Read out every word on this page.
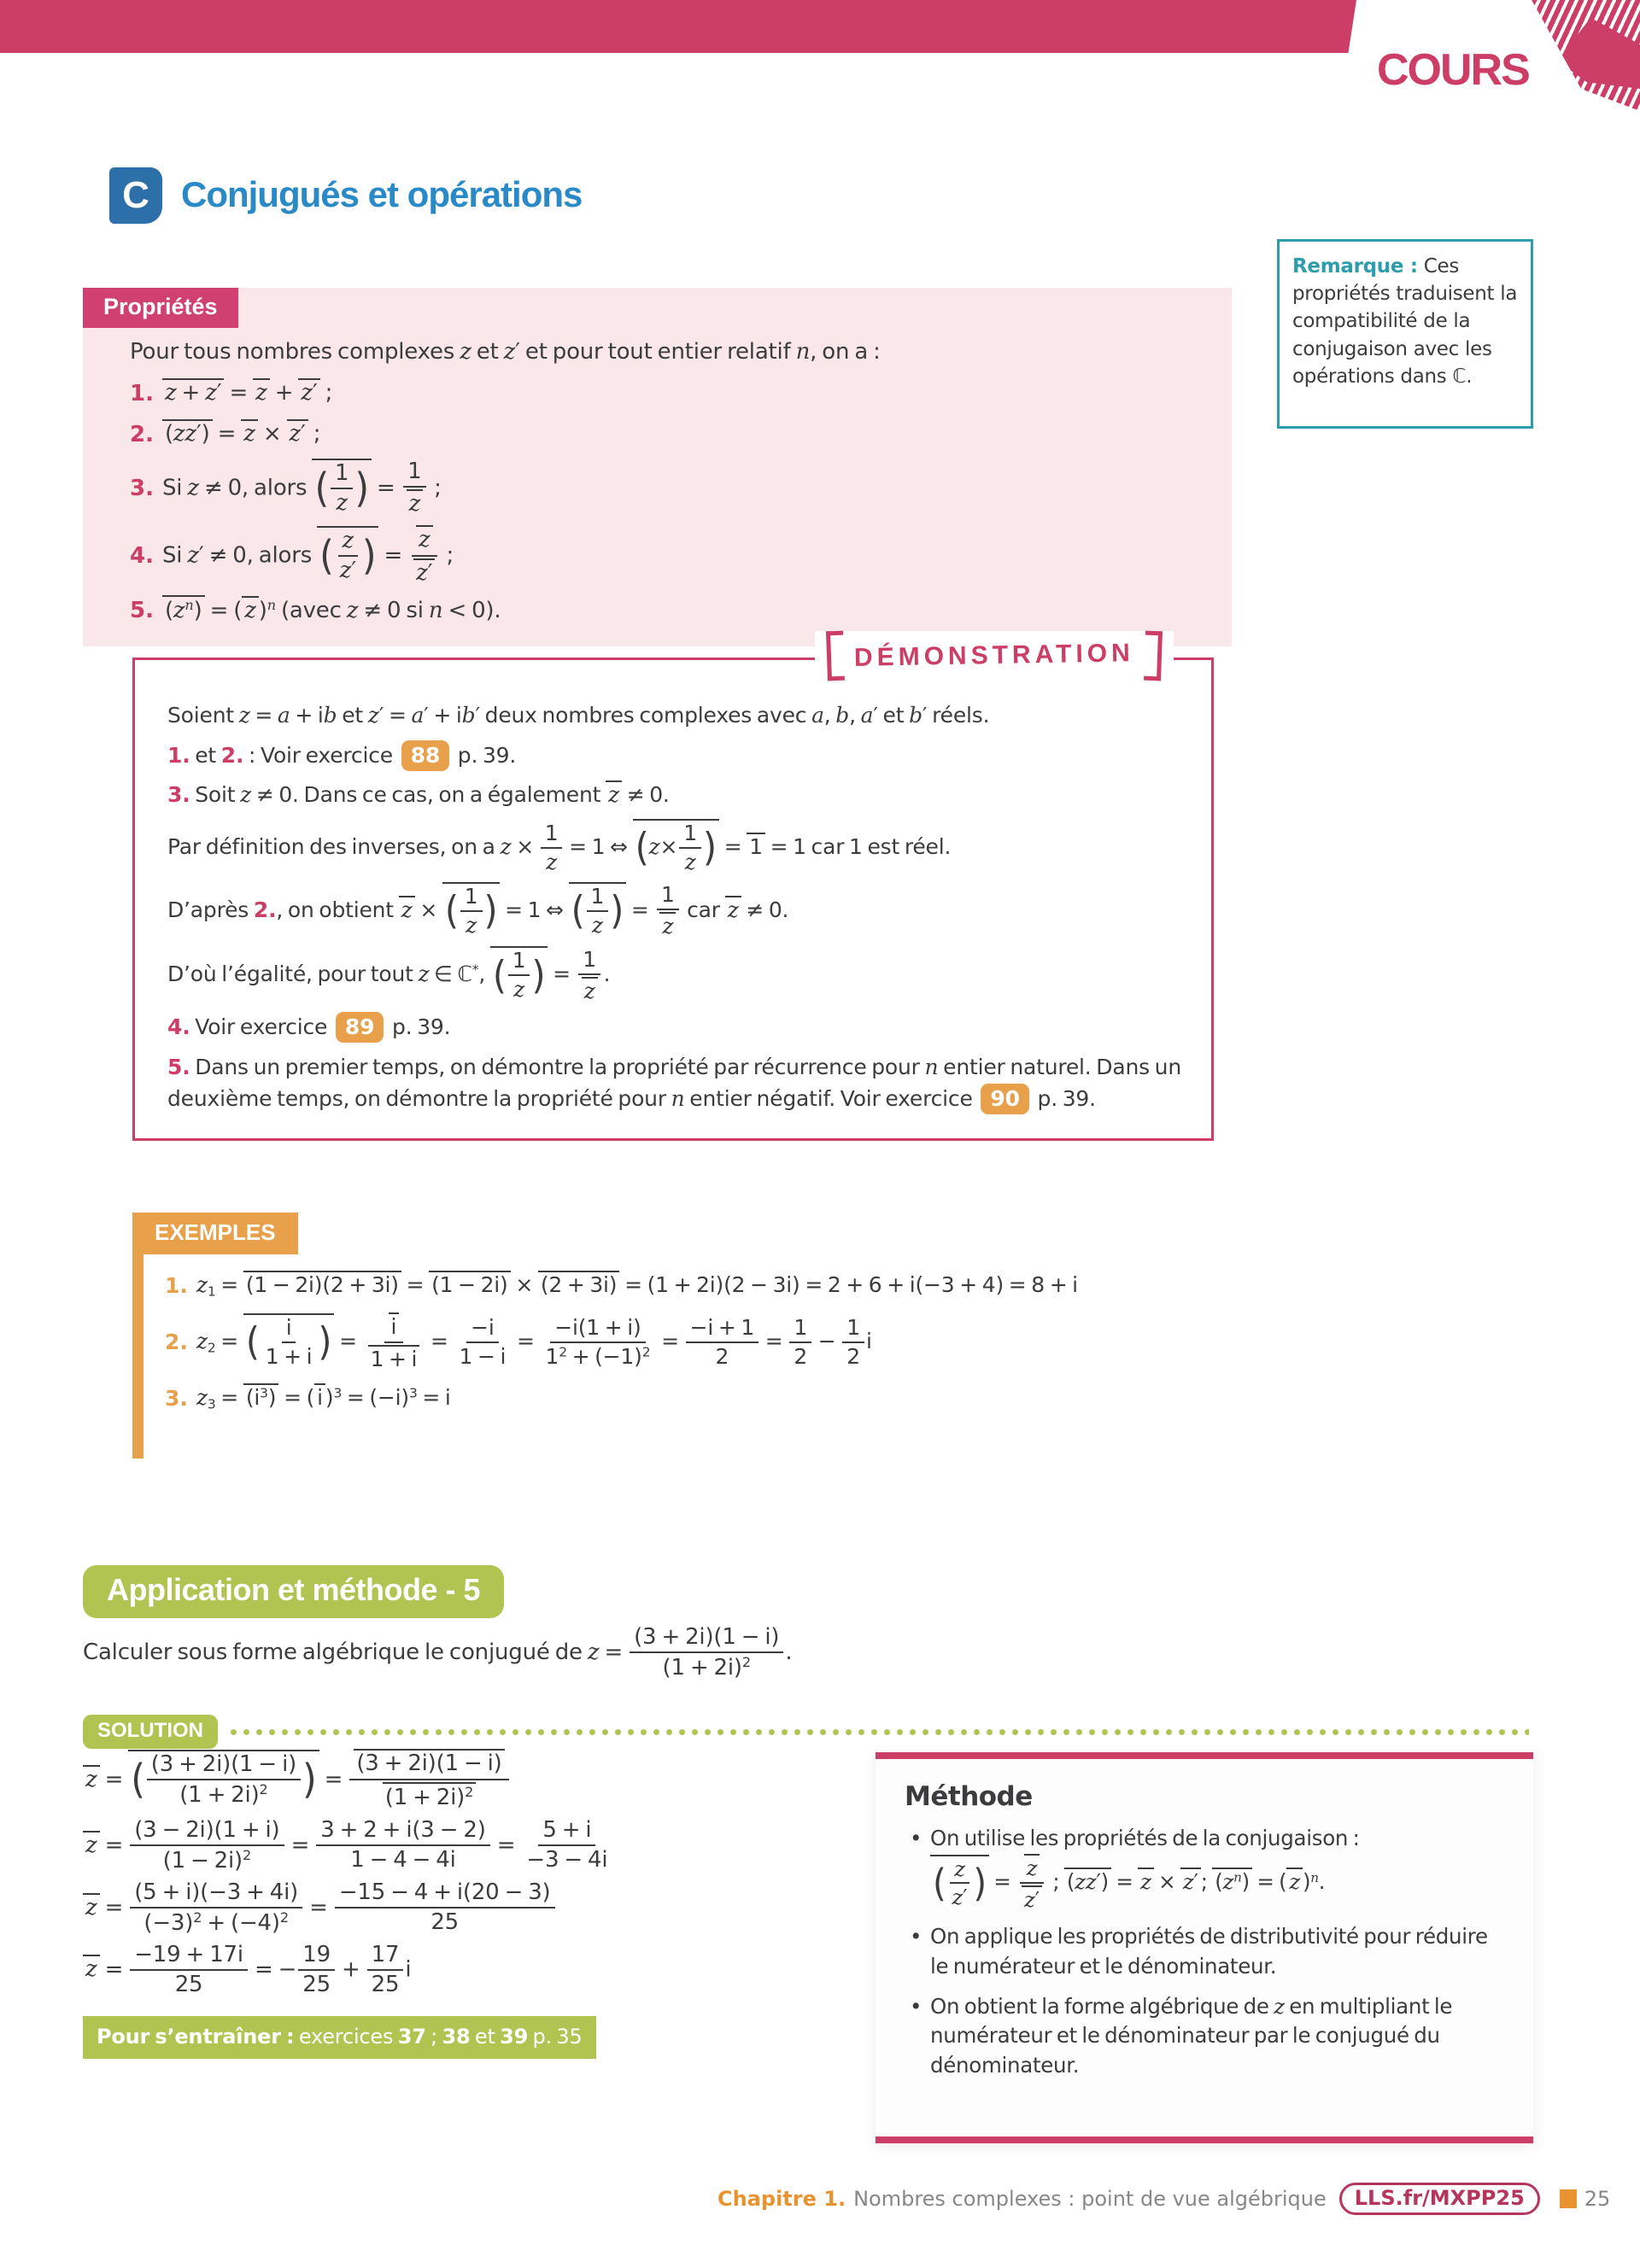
COURS
C Conjugués et opérations
Propriétés
Pour tous nombres complexes z et z′ et pour tout entier relatif n, on a :
1. z + z′ = z + z′ ;
2. (zz′) = z × z′ ;
3. Si z ≠ 0, alors ( $\frac{1}{z}$ ) = $\frac{1}{z}$ ;
4. Si z′ ≠ 0, alors ( $\frac{z}{z'}$ ) = $\frac{z}{z'}$ ;
5. $(z^n)$ = ( z )$^n$ (avec z ≠ 0 si n < 0).
Remarque : Ces propriétés traduisent la compatibilité de la conjugaison avec les opérations dans ℂ.
DÉMONSTRATION
Soient z = a + ib et z′ = a′ + ib′ deux nombres complexes avec a, b, a′ et b′ réels.
1. et 2. : Voir exercice 88 p. 39.
3. Soit z ≠ 0. Dans ce cas, on a également z ≠ 0.
Par définition des inverses, on a $z \times \frac{1}{z} = 1$ ⇔ ( $z \times \frac{1}{z}$ ) = 1 = 1 car 1 est réel.
D’après 2., on obtient z × ( $\frac{1}{z}$ ) = 1 ⇔ ( $\frac{1}{z}$ ) = $\frac{1}{z}$ car z ≠ 0.
D’où l’égalité, pour tout z ∈ ℂ*, ( $\frac{1}{z}$ ) = $\frac{1}{z}$ .
4. Voir exercice 89 p. 39.
5. Dans un premier temps, on démontre la propriété par récurrence pour n entier naturel. Dans un deuxième temps, on démontre la propriété pour n entier négatif. Voir exercice 90 p. 39.
EXEMPLES
1. z1 = (1 − 2i)(2 + 3i) = (1 − 2i) × (2 + 3i) = (1 + 2i)(2 − 3i) = 2 + 6 + i(−3 + 4) = 8 + i
2. z2 = ( $\frac{i}{1 + i}$ ) = $\frac{i}{1 + i} = \frac{-i}{1 - i} = \frac{-i(1 + i)}{1^2 + (-1)^2} = \frac{-i + 1}{2} = \frac{1}{2} - \frac{1}{2}$ i
3. $z3 = (i^3)$ = ( i )$^3 = (-i)^3 = i$
Application et méthode - 5
Calculer sous forme algébrique le conjugué de $z = \frac{(3 + 2i)(1 - i)}{(1 + 2i)^2}$ .
SOLUTION
z = ( $\frac{(3 + 2i)(1 - i)}{(1 + 2i)^2}$ ) = $\frac{(3 + 2i)(1 - i)}{(1 + 2i)^2}$
$z = \frac{(3 - 2i)(1 + i)}{(1 - 2i)^2} = \frac{3 + 2 + i(3 - 2)}{1 - 4 - 4i} = \frac{5 + i}{-3 - 4i}$
$z = \frac{(5 + i)(-3 + 4i)}{(-3)^2 + (-4)^2} = \frac{-15 - 4 + i(20 - 3)}{25}$
$z = \frac{-19 + 17i}{25}$ = − $\frac{19}{25} + \frac{17}{25}$ i
Pour s’entraîner : exercices 37 ; 38 et 39 p. 35
Méthode
• On utilise les propriétés de la conjugaison :

( $\frac{z}{z'}$ ) = $\frac{z}{z'}$ ; (zz′) = z × z′ ; $(z^n)$ = ( z )$^n$.
• On applique les propriétés de distributivité pour réduire le numérateur et le dénominateur.
• On obtient la forme algébrique de z en multipliant le numérateur et le dénominateur par le conjugué du dénominateur.
Chapitre 1. Nombres complexes : point de vue algébrique	LLS.fr/MXPP25	25
